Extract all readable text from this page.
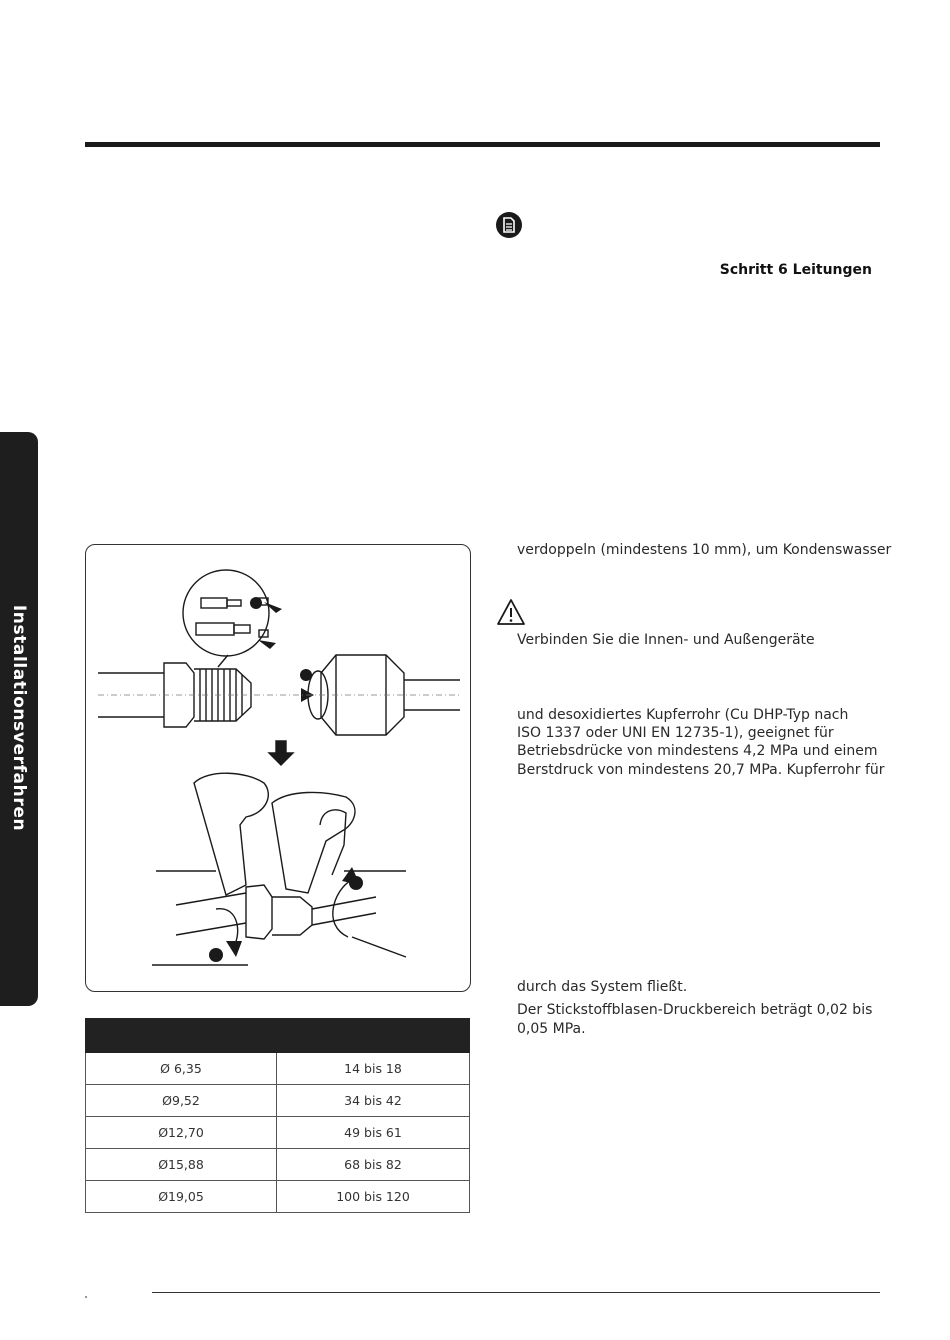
Installationsverfahren
Schritt 6 Leitungen
verdoppeln (mindestens 10 mm), um Kondenswasser
Verbinden Sie die Innen- und Außengeräte
und desoxidiertes Kupferrohr (Cu DHP-Typ nach
ISO 1337 oder UNI EN 12735-1), geeignet für
Betriebsdrücke von mindestens 4,2 MPa und einem
Berstdruck von mindestens 20,7 MPa. Kupferrohr für
durch das System fließt.
Der Stickstoffblasen-Druckbereich beträgt 0,02 bis
0,05 MPa.

Ø 6,35	14 bis 18
Ø9,52	34 bis 42
Ø12,70	49 bis 61
Ø15,88	68 bis 82
Ø19,05	100 bis 120
